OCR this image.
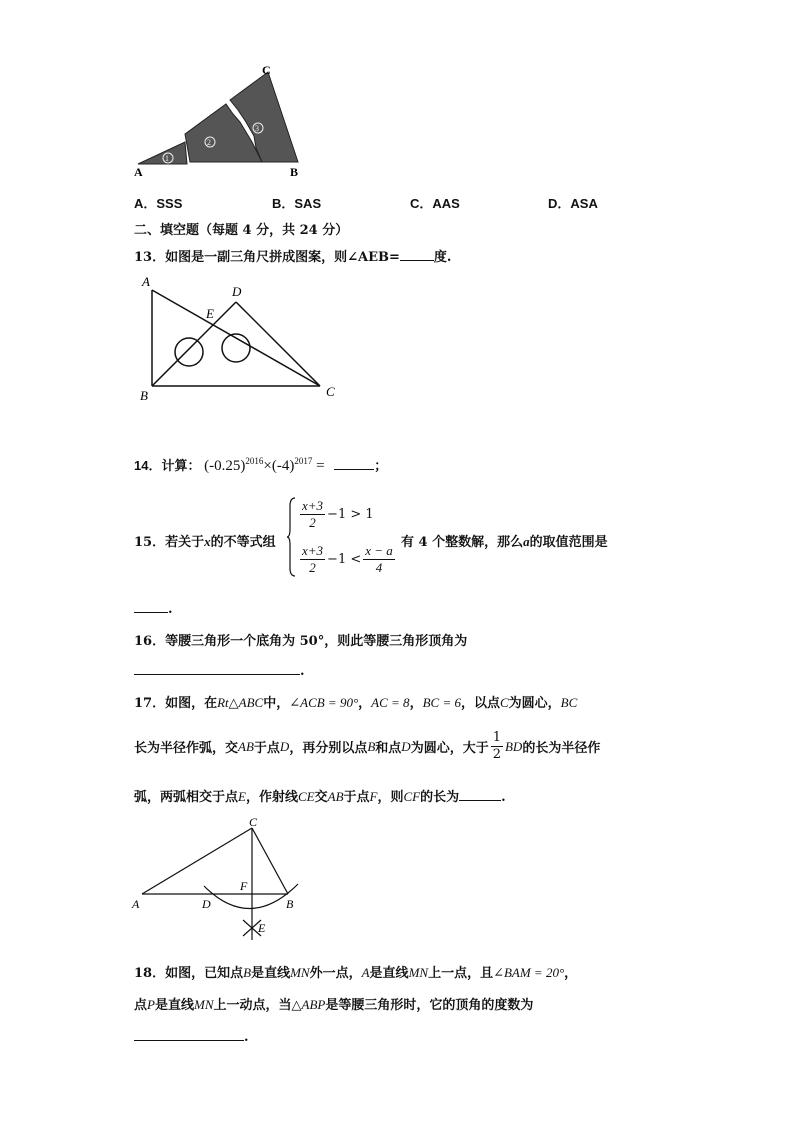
1
2
3
A	B
C
A．SSS	B．SAS	C．AAS	D．ASA
二、填空题（每题 4 分，共 24 分）
13．如图是一副三角尺拼成图案，则∠AEB=	度.
A
B	C
D
E
14．计算： $(-0.25)^{2016}\times(-4)^{2017}$ =	；
15．若关于x的不等式组
$\frac{x+3}{2} -1 > 1$
$\frac{x+3}{2} -1 < \frac{x - a}{4}$
有 4 个整数解，那么a的取值范围是
.
16．等腰三角形一个底角为 50°，则此等腰三角形顶角为
.
17．如图，在Rt△ABC中，∠ACB = 90°，AC = 8，BC = 6，以点C为圆心，BC
长为半径作弧，交 AB 于点 D ，再分别以点 B 和点 D 为圆心，大于 $\frac{1}{2}$ BD 的长为半径作
弧，两弧相交于点E，作射线CE交AB于点F，则CF的长为	.
C
A	B
D
F
E
18．如图，已知点B是直线MN外一点，A是直线MN上一点，且∠BAM = 20°，
点P是直线MN上一动点，当△ABP是等腰三角形时，它的顶角的度数为
.
